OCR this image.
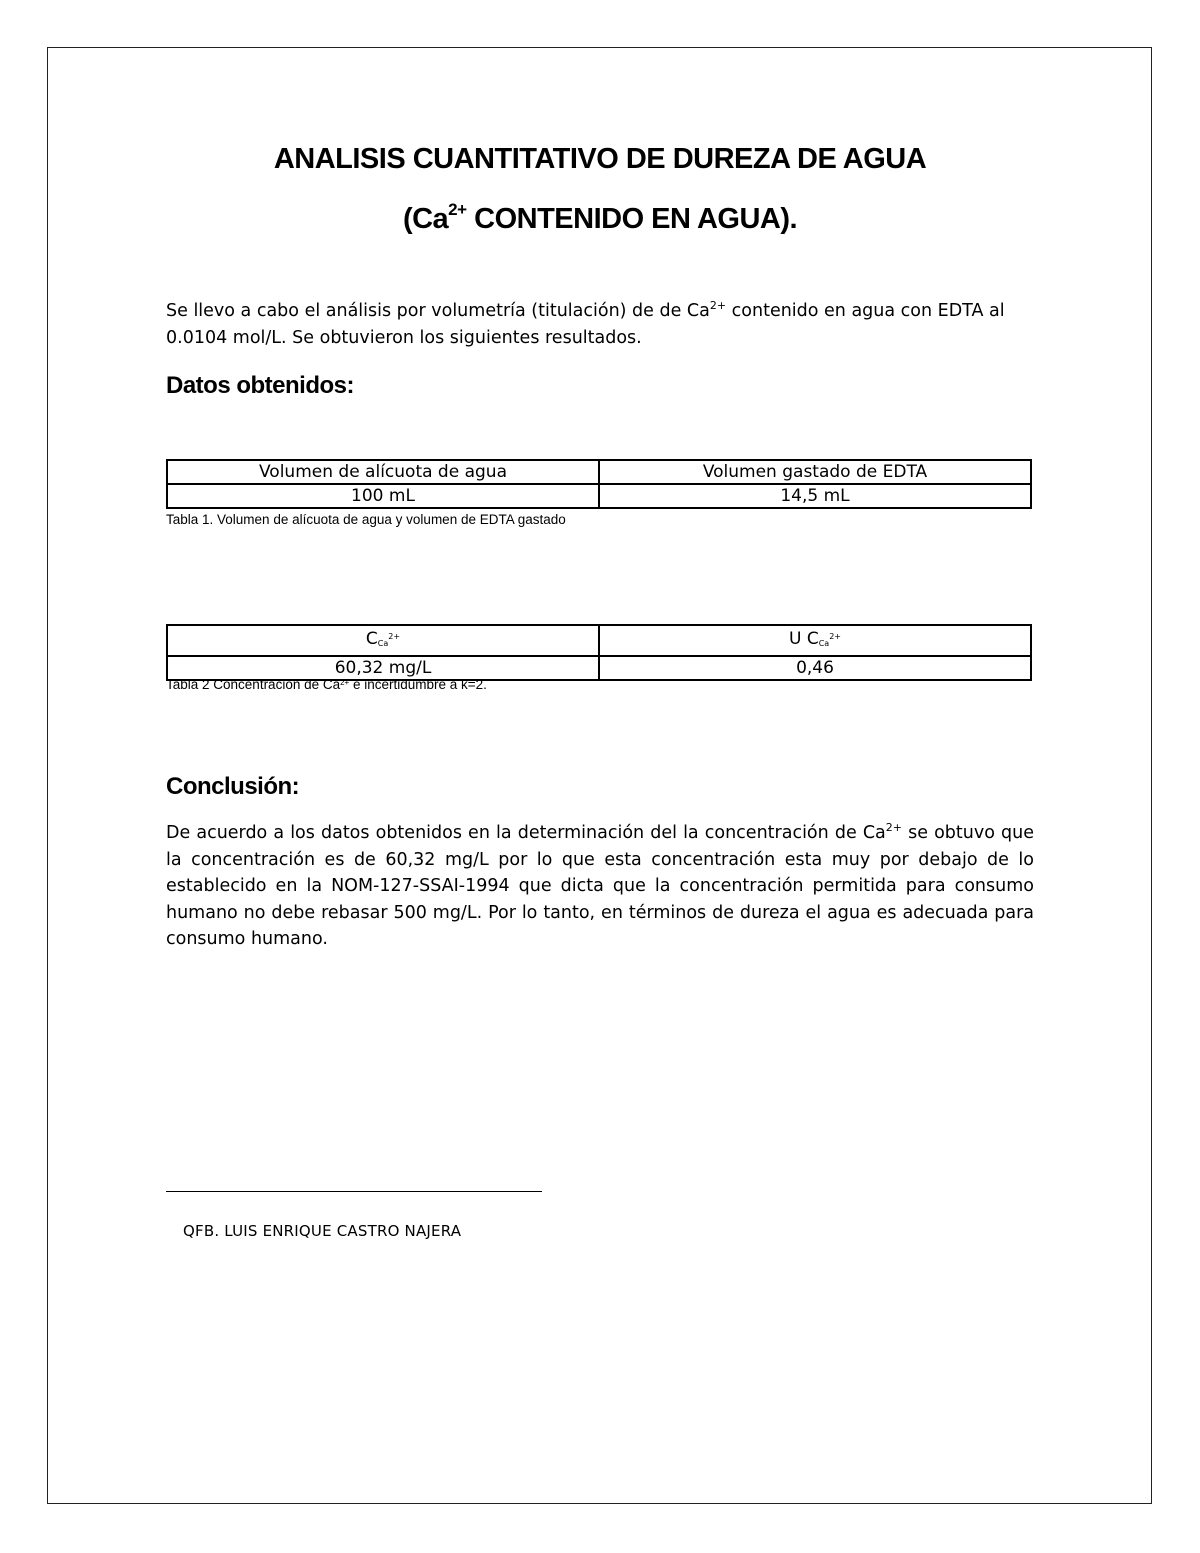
ANALISIS CUANTITATIVO DE DUREZA DE AGUA
($Ca^{2+}$ CONTENIDO EN AGUA).
Se llevo a cabo el análisis por volumetría (titulación) de de $Ca^{2+}$ contenido en agua con EDTA al 0.0104 mol/L. Se obtuvieron los siguientes resultados.
Datos obtenidos:
Volumen de alícuota de agua	Volumen gastado de EDTA
100 mL	14,5 mL
Tabla 1. Volumen de alícuota de agua y volumen de EDTA gastado
CCa$^{2+}$	U CCa$^{2+}$
60,32 mg/L	0,46
Tabla 2 Concentración de $Ca^{2+}$ e incertidumbre a k=2.
Conclusión:
De acuerdo a los datos obtenidos en la determinación del la concentración de $Ca^{2+}$ se obtuvo que la concentración es de 60,32 mg/L por lo que esta concentración esta muy por debajo de lo establecido en la NOM-127-SSAI-1994 que dicta que la concentración permitida para consumo humano no debe rebasar 500 mg/L. Por lo tanto, en términos de dureza el agua es adecuada para consumo humano.
QFB. LUIS ENRIQUE CASTRO NAJERA
